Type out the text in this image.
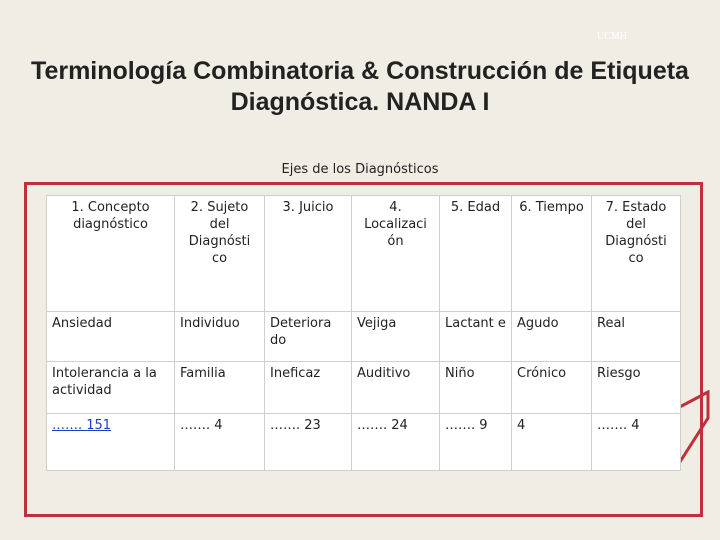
UCMH
Terminología Combinatoria & Construcción de Etiqueta Diagnóstica. NANDA I
Ejes de los Diagnósticos
1. Concepto diagnóstico	2. Sujeto del Diagnósti co	3. Juicio	4. Localizaci ón	5. Edad	6. Tiempo	7. Estado del Diagnósti co
Ansiedad	Individuo	Deteriora do	Vejiga	Lactant e	Agudo	Real
Intolerancia a la actividad	Familia	Ineficaz	Auditivo	Niño	Crónico	Riesgo
……. 151	……. 4	……. 23	……. 24	……. 9	4	……. 4
